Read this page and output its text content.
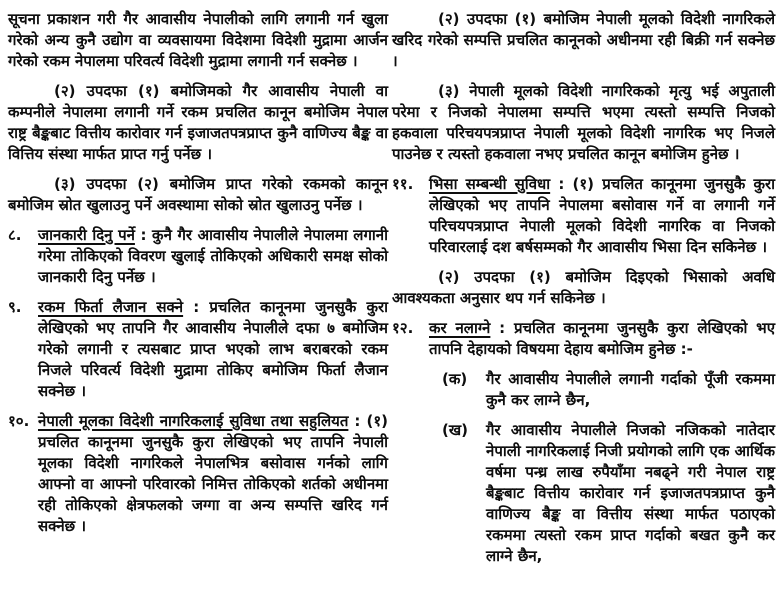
सूचना प्रकाशन गरी गैर आवासीय नेपालीको लागि लगानी गर्न खुला गरेको अन्य कुनै उद्योग वा व्यवसायमा विदेशमा विदेशी मुद्रामा आर्जन गरेको रकम नेपालमा परिवर्त्य विदेशी मुद्रामा लगानी गर्न सक्नेछ ।

(२) उपदफा (१) बमोजिमको गैर आवासीय नेपाली वा कम्पनीले नेपालमा लगानी गर्ने रकम प्रचलित कानून बमोजिम नेपाल राष्ट्र बैङ्कबाट वित्तीय कारोवार गर्न इजाजतपत्रप्राप्त कुनै वाणिज्य बैङ्क वा वित्तिय संस्था मार्फत प्राप्त गर्नु पर्नेछ ।

(३) उपदफा (२) बमोजिम प्राप्त गरेको रकमको कानून बमोजिम स्रोत खुलाउनु पर्ने अवस्थामा सोको स्रोत खुलाउनु पर्नेछ ।

८.	जानकारी दिनु पर्ने : कुनै गैर आवासीय नेपालीले नेपालमा लगानी गरेमा तोकिएको विवरण खुलाई तोकिएको अधिकारी समक्ष सोको जानकारी दिनु पर्नेछ ।

९.	रकम फिर्ता लैजान सक्ने : प्रचलित कानूनमा जुनसुकै कुरा लेखिएको भए तापनि गैर आवासीय नेपालीले दफा ७ बमोजिम गरेको लगानी र त्यसबाट प्राप्त भएको लाभ बराबरको रकम निजले परिवर्त्य विदेशी मुद्रामा तोकिए बमोजिम फिर्ता लैजान सक्नेछ ।

१०. नेपाली मूलका विदेशी नागरिकलाई सुविधा तथा सहुलियत : (१) प्रचलित कानूनमा जुनसुकै कुरा लेखिएको भए तापनि नेपाली मूलका विदेशी नागरिकले नेपालभित्र बसोवास गर्नको लागि आफ्नो वा आफ्नो परिवारको निमित्त तोकिएको शर्तको अधीनमा रही तोकिएको क्षेत्रफलको जग्गा वा अन्य सम्पत्ति खरिद गर्न सक्नेछ ।

(२) उपदफा (१) बमोजिम नेपाली मूलको विदेशी नागरिकले खरिद गरेको सम्पत्ति प्रचलित कानूनको अधीनमा रही बिक्री गर्न सक्नेछ ।

(३) नेपाली मूलको विदेशी नागरिकको मृत्यु भई अपुताली परेमा र निजको नेपालमा सम्पत्ति भएमा त्यस्तो सम्पत्ति निजको हकवाला परिचयपत्रप्राप्त नेपाली मूलको विदेशी नागरिक भए निजले पाउनेछ र त्यस्तो हकवाला नभए प्रचलित कानून बमोजिम हुनेछ ।

११.	भिसा सम्बन्धी सुविधा : (१) प्रचलित कानूनमा जुनसुकै कुरा लेखिएको भए तापनि नेपालमा बसोवास गर्ने वा लगानी गर्ने परिचयपत्रप्राप्त नेपाली मूलको विदेशी नागरिक वा निजको परिवारलाई दश बर्षसम्मको गैर आवासीय भिसा दिन सकिनेछ ।

(२) उपदफा (१) बमोजिम दिइएको भिसाको अवधि आवश्यकता अनुसार थप गर्न सकिनेछ ।

१२.	कर नलाग्ने : प्रचलित कानूनमा जुनसुकै कुरा लेखिएको भए तापनि देहायको विषयमा देहाय बमोजिम हुनेछ :-

(क)	गैर आवासीय नेपालीले लगानी गर्दाको पूँजी रकममा कुनै कर लाग्ने छैन,

(ख)	गैर आवासीय नेपालीले निजको नजिकको नातेदार नेपाली नागरिकलाई निजी प्रयोगको लागि एक आर्थिक वर्षमा पन्ध्र लाख रुपैयाँमा नबढ्ने गरी नेपाल राष्ट्र बैङ्कबाट वित्तीय कारोवार गर्न इजाजतपत्रप्राप्त कुनै वाणिज्य बैङ्क वा वित्तीय संस्था मार्फत पठाएको रकममा त्यस्तो रकम प्राप्त गर्दाको बखत कुनै कर लाग्ने छैन,
